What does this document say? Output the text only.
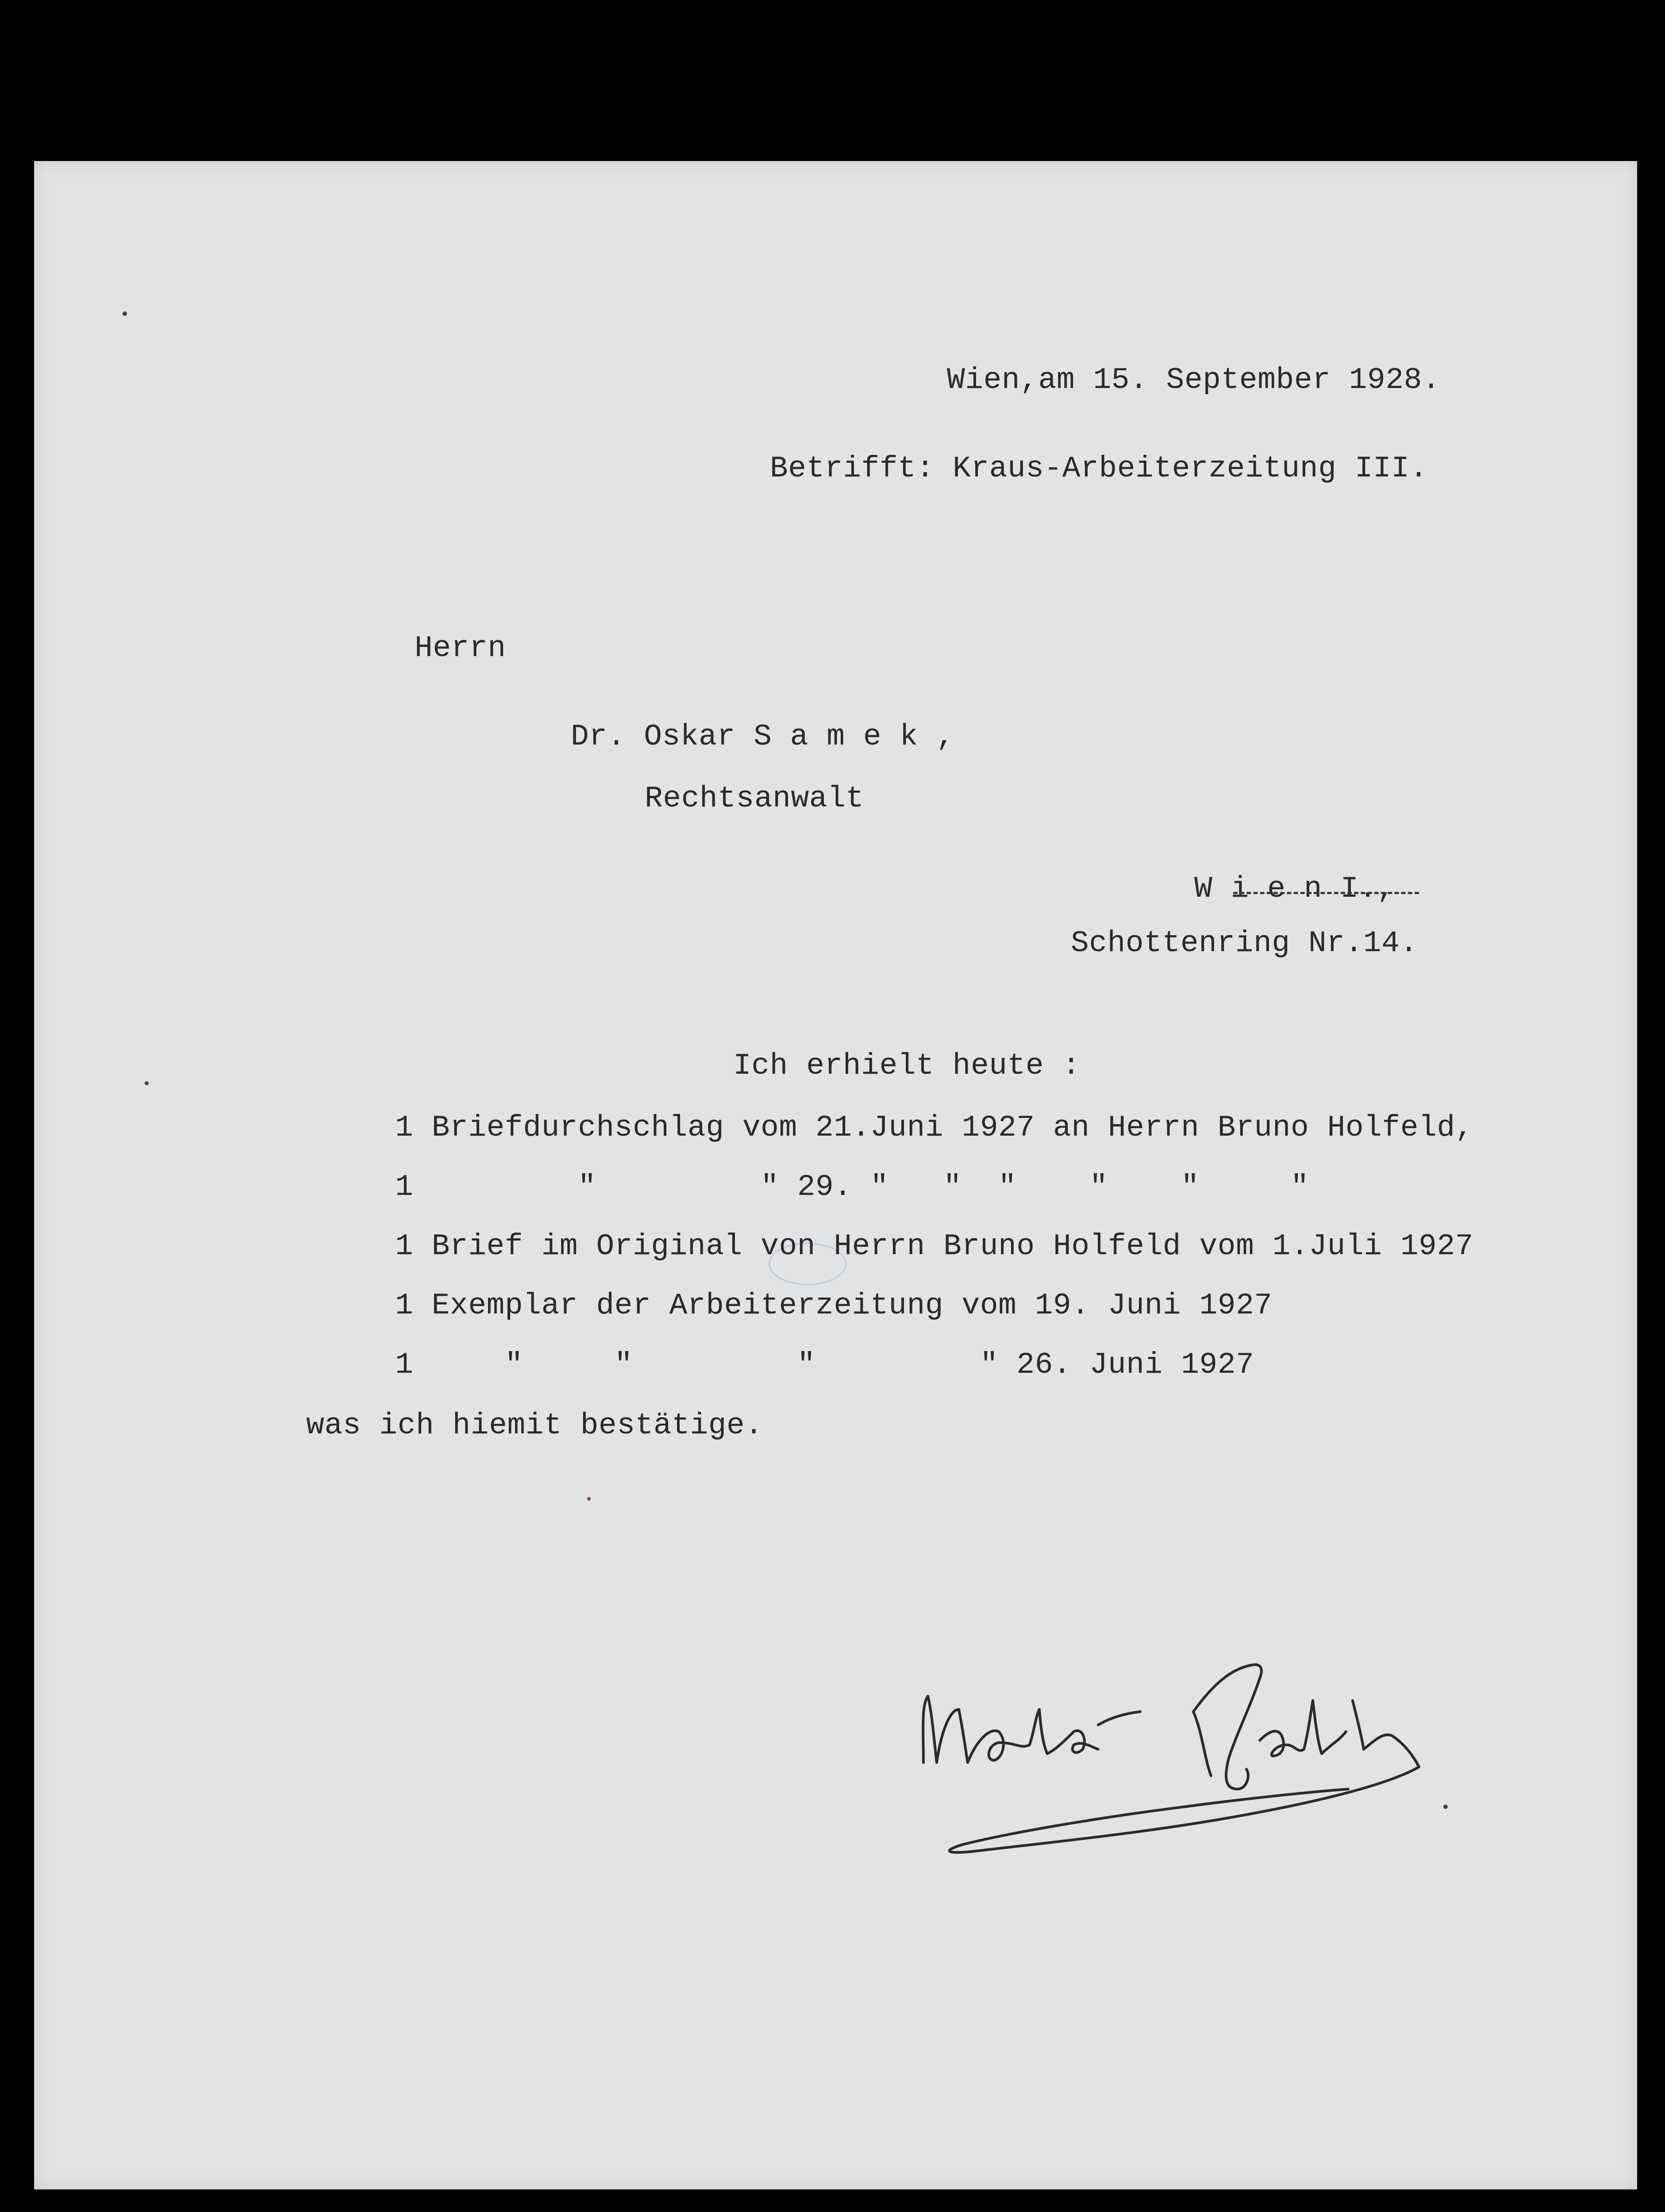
Wien,am 15. September 1928.
Betrifft: Kraus-Arbeiterzeitung III.
Herrn
Dr. Oskar S a m e k ,
Rechtsanwalt
W i e n I.,
Schottenring Nr.14.
Ich erhielt heute :
1 Briefdurchschlag vom 21.Juni 1927 an Herrn Bruno Holfeld,
1         "         " 29. "   "  "    "    "     "
1 Brief im Original von Herrn Bruno Holfeld vom 1.Juli 1927
1 Exemplar der Arbeiterzeitung vom 19. Juni 1927
1     "     "         "         " 26. Juni 1927
was ich hiemit bestätige.
